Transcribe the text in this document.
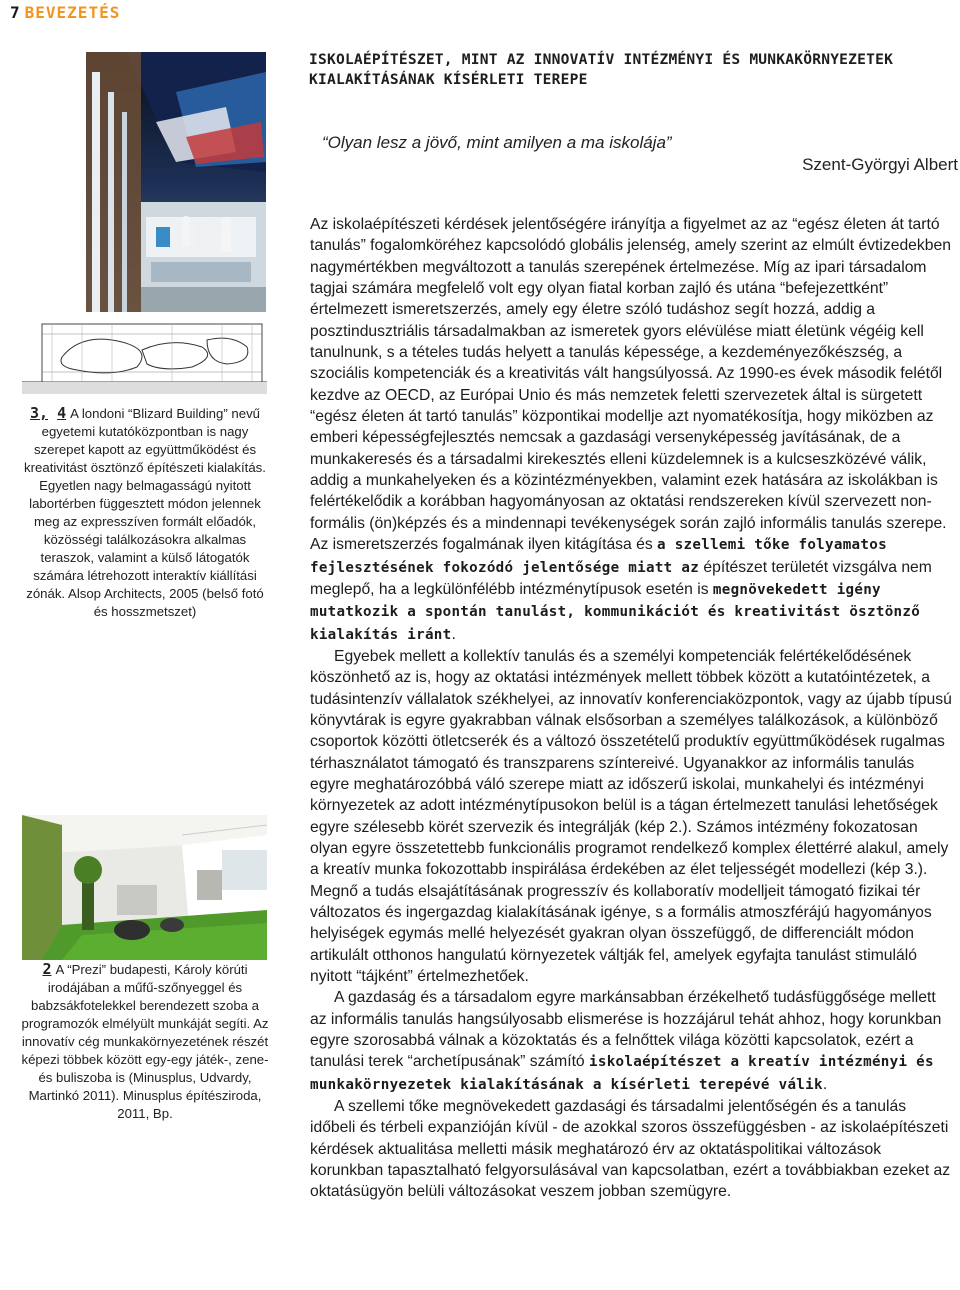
7 BEVEZETÉS
3, 4 A londoni “Blizard Building” nevű egyetemi kutatóközpontban is nagy szerepet kapott az együttműködést és kreativitást ösztönző építészeti kialakítás. Egyetlen nagy belmagasságú nyitott labortérben függesztett módon jelennek meg az expresszíven formált előadók, közösségi találkozásokra alkalmas teraszok, valamint a külső látogatók számára létrehozott interaktív kiállítási zónák. Alsop Architects, 2005 (belső fotó és hosszmetszet)
2 A “Prezi” budapesti, Károly körúti irodájában a műfű-szőnyeggel és babzsákfotelekkel berendezett szoba a programozók elmélyült munkáját segíti. Az innovatív cég munkakörnyezetének részét képezi többek között egy-egy játék-, zene- és buliszoba is (Minusplus, Udvardy, Martinkó 2011). Minusplus építésziroda, 2011, Bp.
ISKOLAÉPÍTÉSZET, MINT AZ INNOVATÍV INTÉZMÉNYI ÉS MUNKAKÖRNYEZETEK KIALAKÍTÁSÁNAK KÍSÉRLETI TEREPE
“Olyan lesz a jövő, mint amilyen a ma iskolája”
Szent-Györgyi Albert

Az iskolaépítészeti kérdések jelentőségére irányítja a figyelmet az az “egész életen át tartó tanulás” fogalomköréhez kapcsolódó globális jelenség, amely szerint az elmúlt évtizedekben nagymértékben megváltozott a tanulás szerepének értelmezése. Míg az ipari társadalom tagjai számára megfelelő volt egy olyan fiatal korban zajló és utána “befejezettként” értelmezett ismeretszerzés, amely egy életre szóló tudáshoz segít hozzá, addig a posztindusztriális társadalmakban az ismeretek gyors elévülése miatt életünk végéig kell tanulnunk, s a tételes tudás helyett a tanulás képessége, a kezdeményezőkészség, a szociális kompetenciák és a kreativitás vált hangsúlyossá. Az 1990-es évek második felétől kezdve az OECD, az Európai Unio és más nemzetek feletti szervezetek által is sürgetett “egész életen át tartó tanulás” központikai modellje azt nyomatékosítja, hogy miközben az emberi képességfejlesztés nemcsak a gazdasági versenyképesség javításának, de a munkakeresés és a társadalmi kirekesztés elleni küzdelemnek is a kulcseszközévé válik, addig a munkahelyeken és a közintézményekben, valamint ezek hatására az iskolákban is felértékelődik a korábban hagyományosan az oktatási rendszereken kívül szervezett non-formális (ön)képzés és a mindennapi tevékenységek során zajló informális tanulás szerepe. Az ismeretszerzés fogalmának ilyen kitágítása és a szellemi tőke folyamatos fejlesztésének fokozódó jelentősége miatt az építészet területét vizsgálva nem meglepő, ha a legkülönfélébb intézménytípusok esetén is megnövekedett igény mutatkozik a spontán tanulást, kommunikációt és kreativitást ösztönző kialakítás iránt.

Egyebek mellett a kollektív tanulás és a személyi kompetenciák felértékelődésének köszönhető az is, hogy az oktatási intézmények mellett többek között a kutatóintézetek, a tudásintenzív vállalatok székhelyei, az innovatív konferenciaközpontok, vagy az újabb típusú könyvtárak is egyre gyakrabban válnak elsősorban a személyes találkozások, a különböző csoportok közötti ötletcserék és a változó összetételű produktív együttműködések rugalmas térhasználatot támogató és transzparens színtereivé. Ugyanakkor az informális tanulás egyre meghatározóbbá váló szerepe miatt az időszerű iskolai, munkahelyi és intézményi környezetek az adott intézménytípusokon belül is a tágan értelmezett tanulási lehetőségek egyre szélesebb körét szervezik és integrálják (kép 2.). Számos intézmény fokozatosan olyan egyre összetettebb funkcionális programot rendelkező komplex élettérré alakul, amely a kreatív munka fokozottabb inspirálása érdekében az élet teljességét modellezi (kép 3.). Megnő a tudás elsajátításának progresszív és kollaboratív modelljeit támogató fizikai tér változatos és ingergazdag kialakításának igénye, s a formális atmoszférájú hagyományos helyiségek egymás mellé helyezését gyakran olyan összefüggő, de differenciált módon artikulált otthonos hangulatú környezetek váltják fel, amelyek egyfajta tanulást stimuláló nyitott “tájként” értelmezhetőek.

A gazdaság és a társadalom egyre markánsabban érzékelhető tudásfüggősége mellett az informális tanulás hangsúlyosabb elismerése is hozzájárul tehát ahhoz, hogy korunkban egyre szorosabbá válnak a közoktatás és a felnőttek világa közötti kapcsolatok, ezért a tanulási terek “archetípusának” számító iskolaépítészet a kreatív intézményi és munkakörnyezetek kialakításának a kísérleti terepévé válik.

A szellemi tőke megnövekedett gazdasági és társadalmi jelentőségén és a tanulás időbeli és térbeli expanzióján kívül - de azokkal szoros összefüggésben - az iskolaépítészeti kérdések aktualitása melletti másik meghatározó érv az oktatáspolitikai változások korunkban tapasztalható felgyorsulásával van kapcsolatban, ezért a továbbiakban ezeket az oktatásügyön belüli változásokat veszem jobban szemügyre.
